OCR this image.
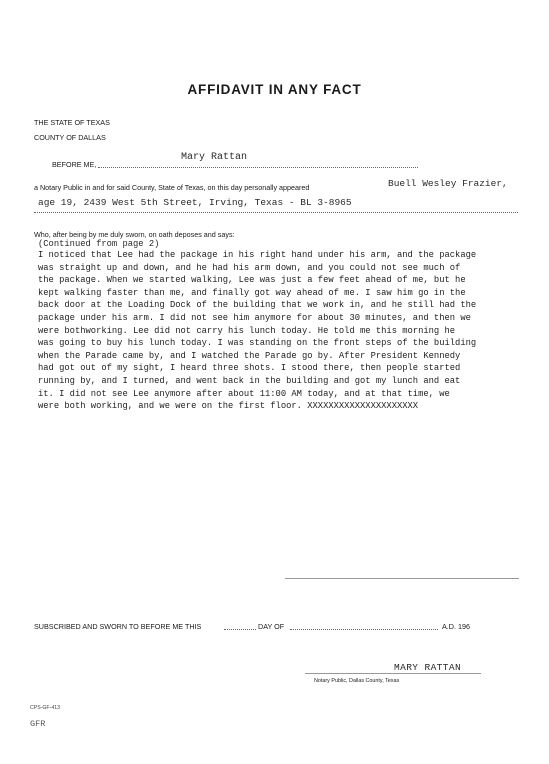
AFFIDAVIT IN ANY FACT
THE STATE OF TEXAS
COUNTY OF DALLAS
BEFORE ME,
Mary Rattan
a Notary Public in and for said County, State of Texas, on this day personally appeared	Buell Wesley Frazier,
age 19, 2439 West 5th Street, Irving, Texas - BL 3-8965
Who, after being by me duly sworn, on oath deposes and says:
(Continued from page 2)
I noticed that Lee had the package in his right hand under his arm, and the package
was straight up and down, and he had his arm down, and you could not see much of
the package. When we started walking, Lee was just a few feet ahead of me, but he
kept walking faster than me, and finally got way ahead of me. I saw him go in the
back door at the Loading Dock of the building that we work in, and he still had the
package under his arm. I did not see him anymore for about 30 minutes, and then we
were bothworking. Lee did not carry his lunch today. He told me this morning he
was going to buy his lunch today. I was standing on the front steps of the building
when the Parade came by, and I watched the Parade go by. After President Kennedy
had got out of my sight, I heard three shots. I stood there, then people started
running by, and I turned, and went back in the building and got my lunch and eat
it. I did not see Lee anymore after about 11:00 AM today, and at that time, we
were both working, and we were on the first floor. XXXXXXXXXXXXXXXXXXXXX
SUBSCRIBED AND SWORN TO BEFORE ME THIS	DAY OF	A.D. 196
MARY RATTAN
Notary Public, Dallas County, Texas
CPS-GF-413
GFR
